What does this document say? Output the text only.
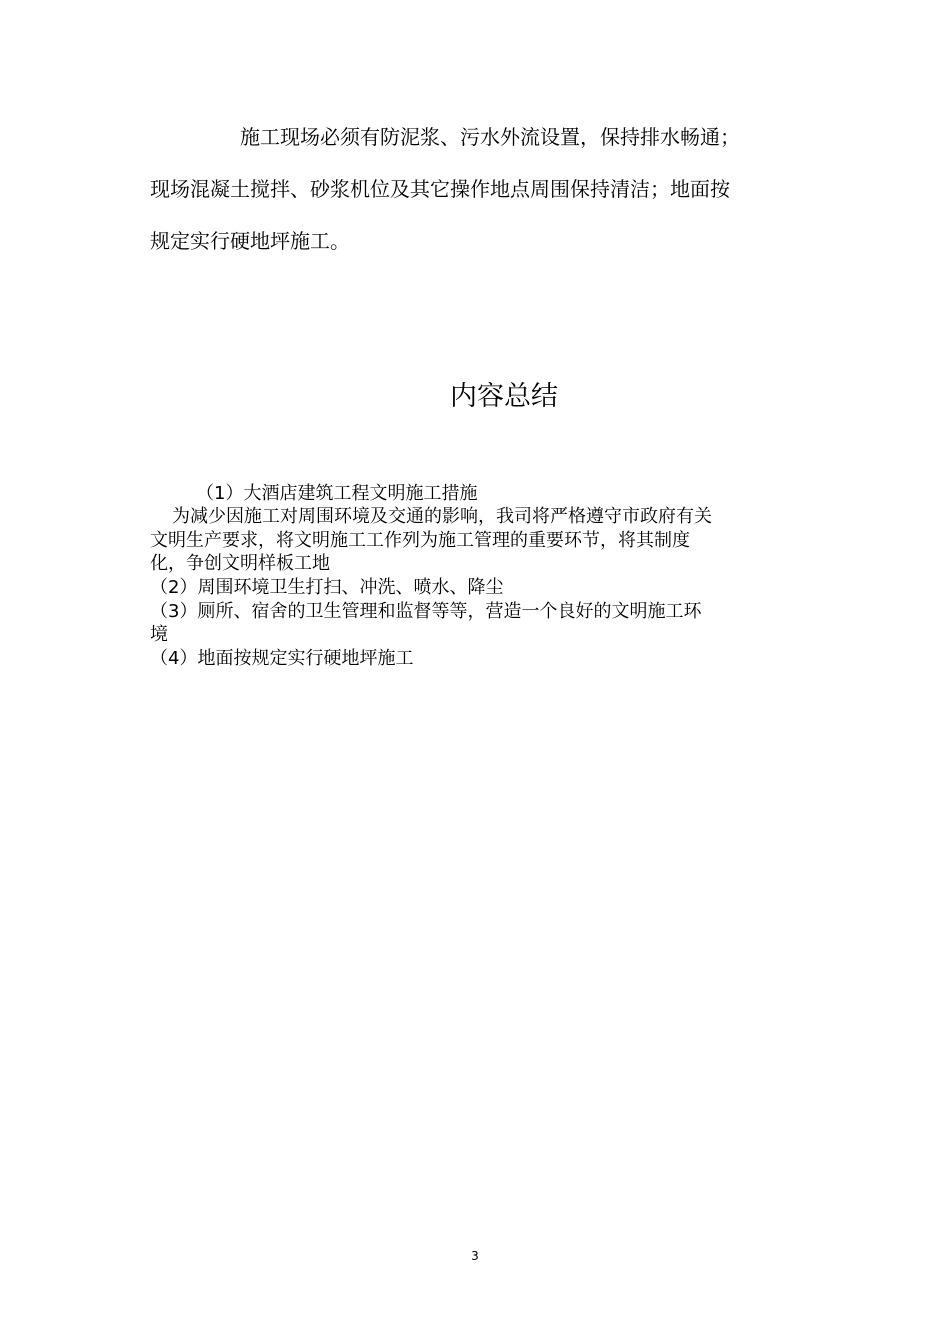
施工现场必须有防泥浆、污水外流设置，保持排水畅通；
现场混凝土搅拌、砂浆机位及其它操作地点周围保持清洁；地面按
规定实行硬地坪施工。
内容总结
（1）大酒店建筑工程文明施工措施
为减少因施工对周围环境及交通的影响，我司将严格遵守市政府有关
文明生产要求，将文明施工工作列为施工管理的重要环节，将其制度
化，争创文明样板工地
（2）周围环境卫生打扫、冲洗、喷水、降尘
（3）厕所、宿舍的卫生管理和监督等等，营造一个良好的文明施工环
境
（4）地面按规定实行硬地坪施工
3
